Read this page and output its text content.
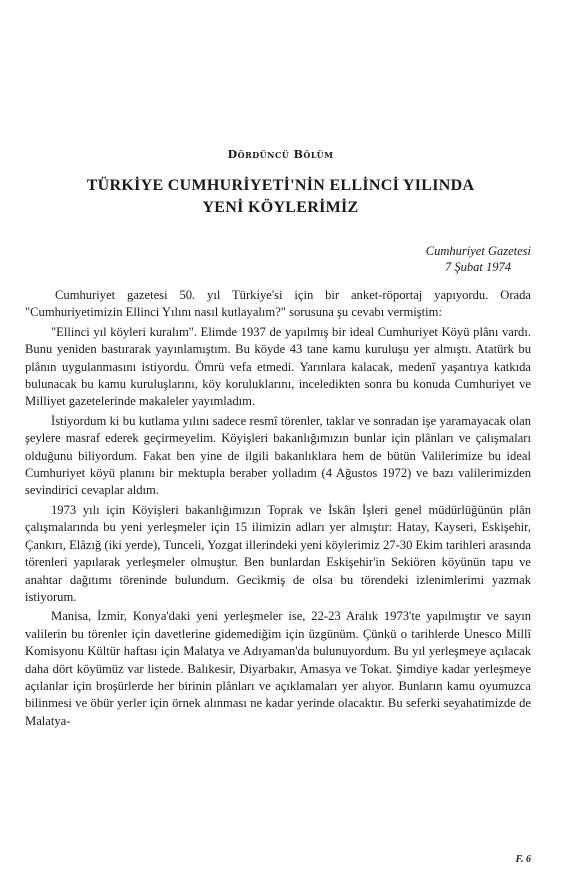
Dördüncü Bölüm
TÜRKİYE CUMHURİYETİ'NİN ELLİNCİ YILINDA
YENİ KÖYLERİMİZ
Cumhuriyet Gazetesi
7 Şubat 1974

Cumhuriyet gazetesi 50. yıl Türkiye'si için bir anket-röportaj yapıyordu. Orada "Cumhuriyetimizin Ellinci Yılını nasıl kutlayalım?" sorusuna şu cevabı vermiştim:

"Ellinci yıl köyleri kuralım". Elimde 1937 de yapılmış bir ideal Cumhuriyet Köyü plânı vardı. Bunu yeniden bastırarak yayınlamıştım. Bu köyde 43 tane kamu kuruluşu yer almıştı. Atatürk bu plânın uygulanmasını istiyordu. Ömrü vefa etmedi. Yarınlara kalacak, medenî yaşantıya katkıda bulunacak bu kamu kuruluşlarını, köy koruluklarını, inceledikten sonra bu konuda Cumhuriyet ve Milliyet gazetelerinde makaleler yayımladım.

İstiyordum ki bu kutlama yılını sadece resmî törenler, taklar ve sonradan işe yaramayacak olan şeylere masraf ederek geçirmeyelim. Köyişleri bakanlığımızın bunlar için plânları ve çalışmaları olduğunu biliyordum. Fakat ben yine de ilgili bakanlıklara hem de bütün Valilerimize bu ideal Cumhuriyet köyü planını bir mektupla beraber yolladım (4 Ağustos 1972) ve bazı valilerimizden sevindirici cevaplar aldım.

1973 yılı için Köyişleri bakanlığımızın Toprak ve İskân İşleri genel müdürlüğünün plân çalışmalarında bu yeni yerleşmeler için 15 ilimizin adları yer almıştır: Hatay, Kayseri, Eskişehir, Çankırı, Elâzığ (iki yerde), Tunceli, Yozgat illerindeki yeni köylerimiz 27-30 Ekim tarihleri arasında törenleri yapılarak yerleşmeler olmuştur. Ben bunlardan Eskişehir'in Sekiören köyünün tapu ve anahtar dağıtımı töreninde bulundum. Gecikmiş de olsa bu törendeki izlenimlerimi yazmak istiyorum.

Manisa, İzmir, Konya'daki yeni yerleşmeler ise, 22-23 Aralık 1973'te yapılmıştır ve sayın valilerin bu törenler için davetlerine gidemediğim için üzgünüm. Çünkü o tarihlerde Unesco Millî Komisyonu Kültür haftası için Malatya ve Adıyaman'da bulunuyordum. Bu yıl yerleşmeye açılacak daha dört köyümüz var listede. Balıkesir, Diyarbakır, Amasya ve Tokat. Şimdiye kadar yerleşmeye açılanlar için broşürlerde her birinin plânları ve açıklamaları yer alıyor. Bunların kamu oyumuzca bilinmesi ve öbür yerler için örnek alınması ne kadar yerinde olacaktır. Bu seferki seyahatimizde de Malatya-

F. 6
